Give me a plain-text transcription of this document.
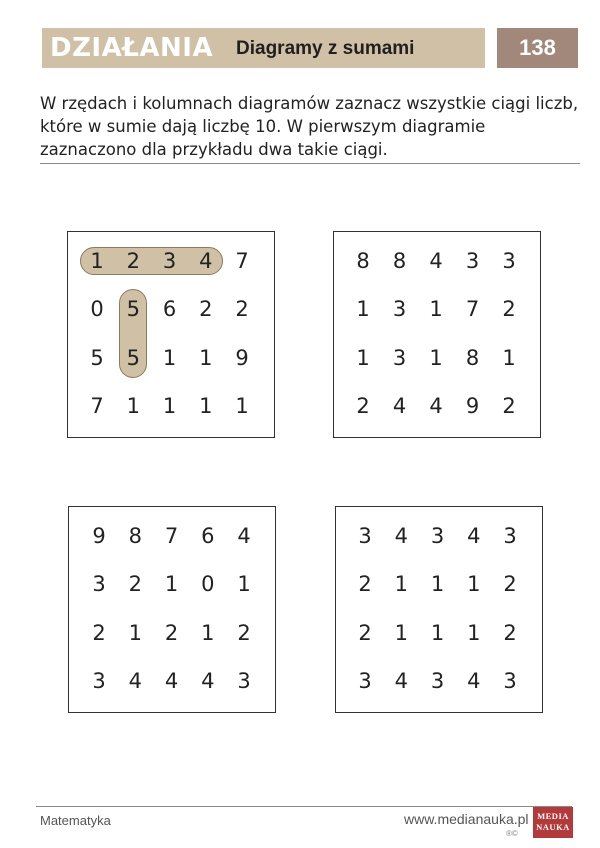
DZIAŁANIA Diagramy z sumami	138
W rzędach i kolumnach diagramów zaznacz wszystkie ciągi liczb, które w sumie dają liczbę 10. W pierwszym diagramie zaznaczono dla przykładu dwa takie ciągi.
1	2	3	4	7
0	5	6	2	2
5	5	1	1	9
7	1	1	1	1
8	8	4	3	3
1	3	1	7	2
1	3	1	8	1
2	4	4	9	2
9	8	7	6	4
3	2	1	0	1
2	1	2	1	2
3	4	4	4	3
3	4	3	4	3
2	1	1	1	2
2	1	1	1	2
3	4	3	4	3
Matematyka	www.medianauka.pl
®©
MEDIA
NAUKA
